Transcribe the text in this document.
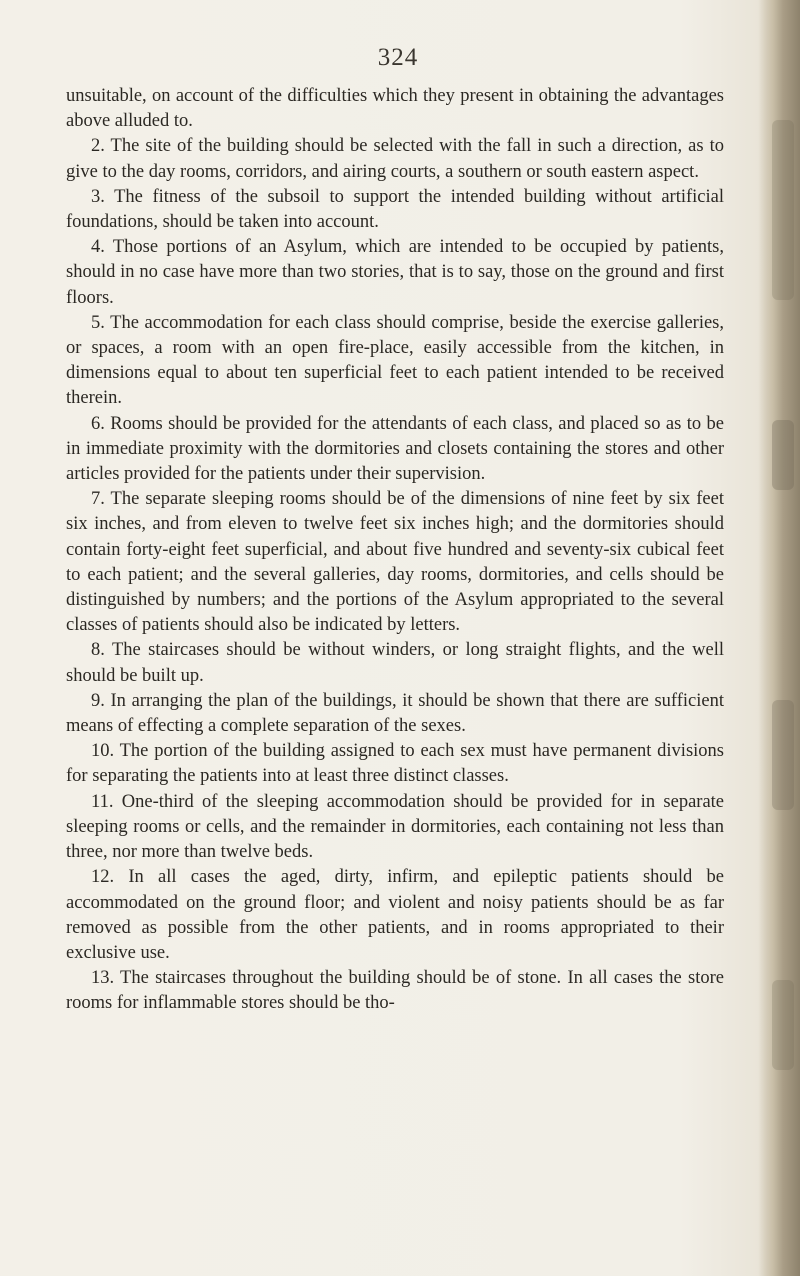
324

unsuitable, on account of the difficulties which they present in obtaining the advantages above alluded to.

2. The site of the building should be selected with the fall in such a direction, as to give to the day rooms, corridors, and airing courts, a southern or south eastern aspect.

3. The fitness of the subsoil to support the intended building without artificial foundations, should be taken into account.

4. Those portions of an Asylum, which are intended to be occupied by patients, should in no case have more than two stories, that is to say, those on the ground and first floors.

5. The accommodation for each class should comprise, beside the exercise galleries, or spaces, a room with an open fire-place, easily accessible from the kitchen, in dimensions equal to about ten superficial feet to each patient intended to be received therein.

6. Rooms should be provided for the attendants of each class, and placed so as to be in immediate proximity with the dormitories and closets containing the stores and other articles provided for the patients under their supervision.

7. The separate sleeping rooms should be of the dimensions of nine feet by six feet six inches, and from eleven to twelve feet six inches high; and the dormitories should contain forty-eight feet superficial, and about five hundred and seventy-six cubical feet to each patient; and the several galleries, day rooms, dormitories, and cells should be distinguished by numbers; and the portions of the Asylum appropriated to the several classes of patients should also be indicated by letters.

8. The staircases should be without winders, or long straight flights, and the well should be built up.

9. In arranging the plan of the buildings, it should be shown that there are sufficient means of effecting a complete separation of the sexes.

10. The portion of the building assigned to each sex must have permanent divisions for separating the patients into at least three distinct classes.

11. One-third of the sleeping accommodation should be provided for in separate sleeping rooms or cells, and the remainder in dormitories, each containing not less than three, nor more than twelve beds.

12. In all cases the aged, dirty, infirm, and epileptic patients should be accommodated on the ground floor; and violent and noisy patients should be as far removed as possible from the other patients, and in rooms appropriated to their exclusive use.

13. The staircases throughout the building should be of stone. In all cases the store rooms for inflammable stores should be tho-
